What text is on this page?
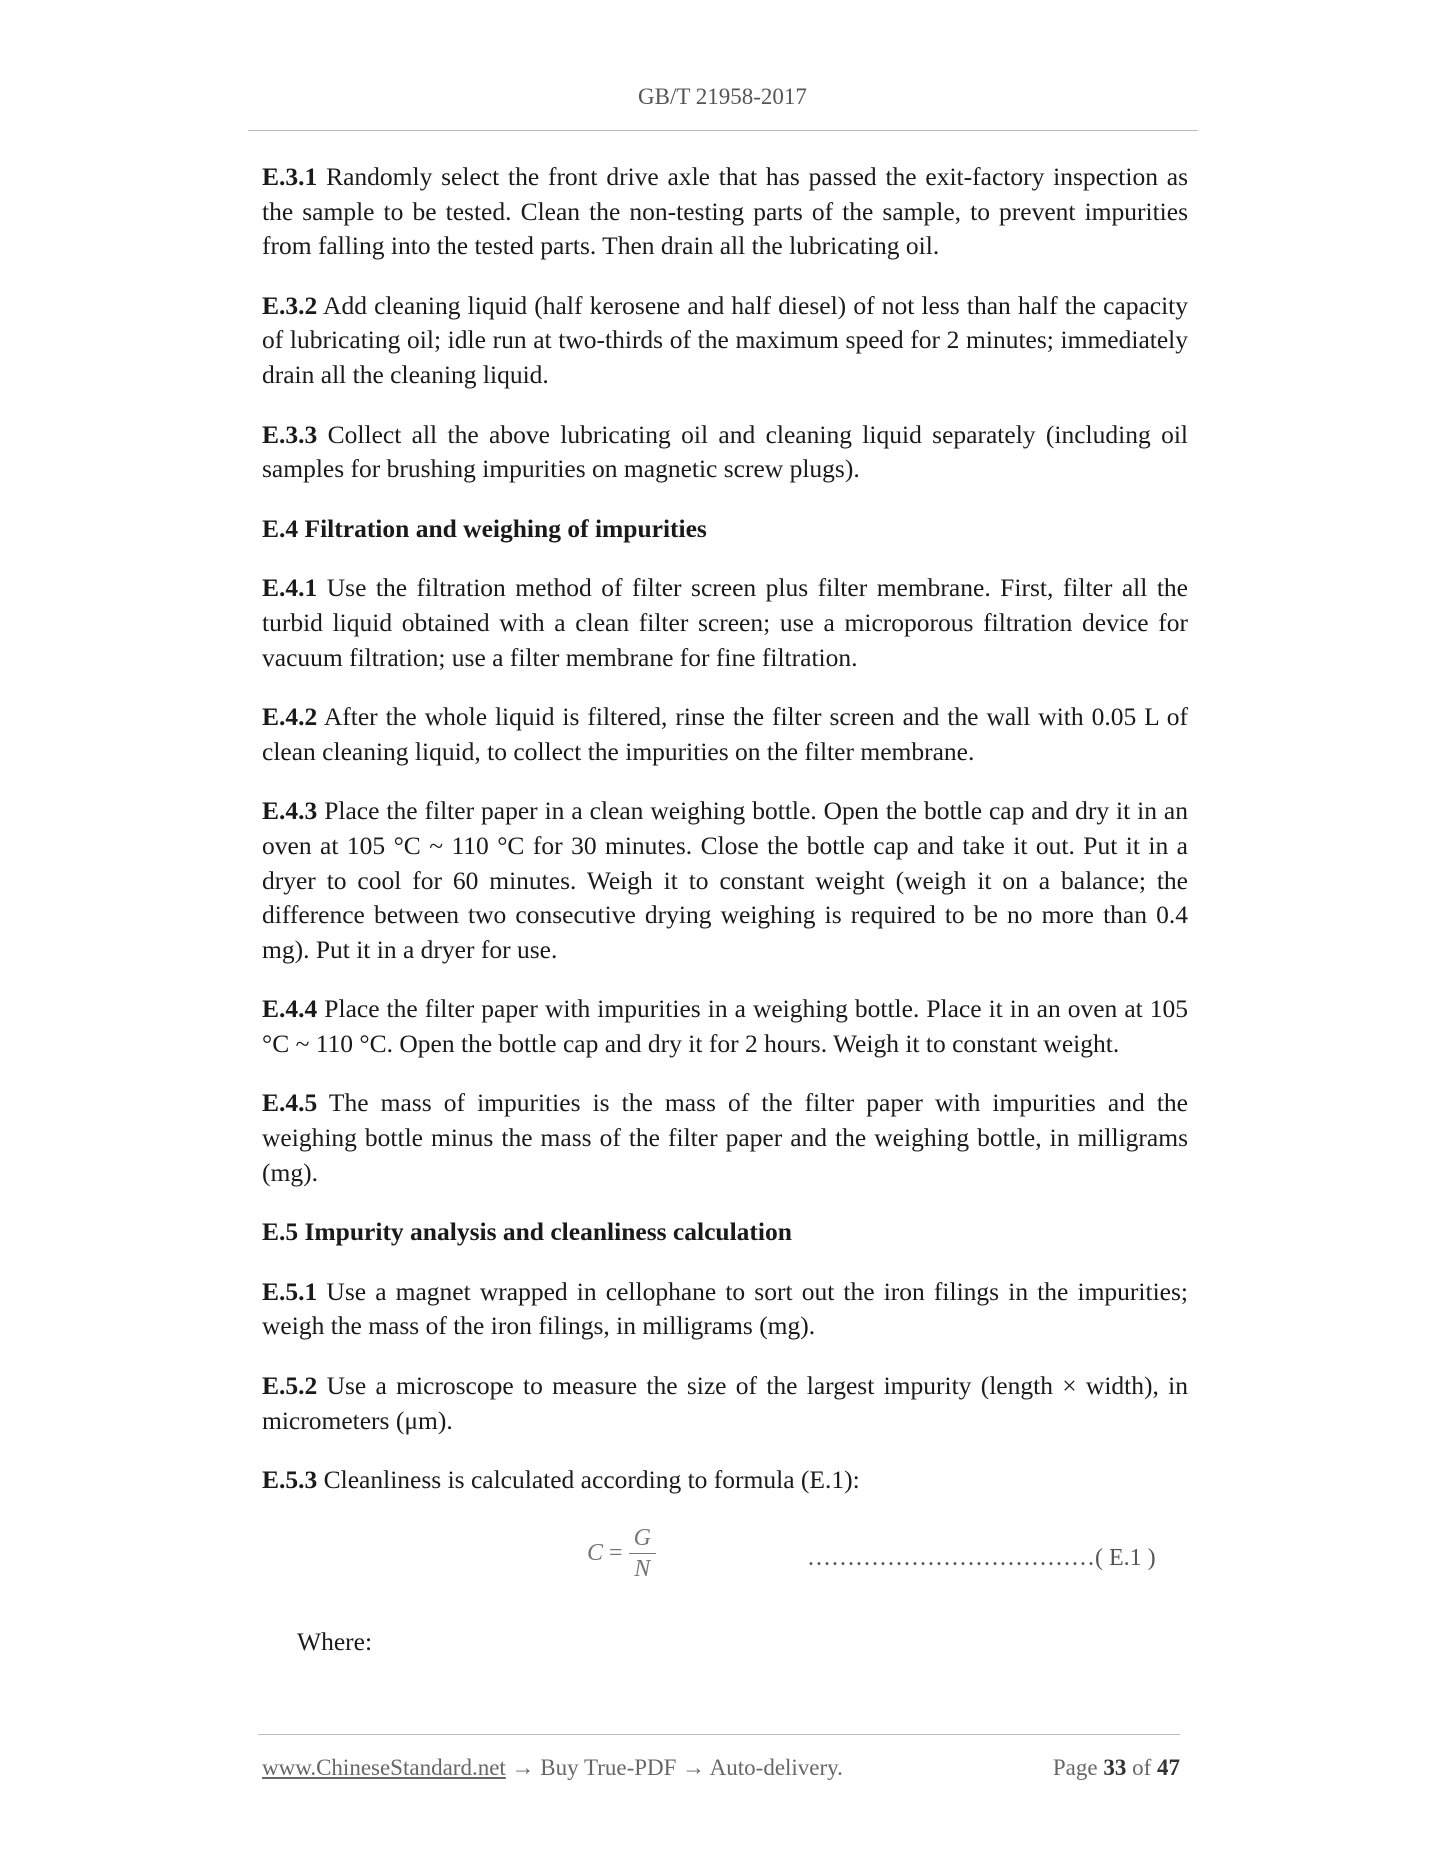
GB/T 21958-2017

E.3.1 Randomly select the front drive axle that has passed the exit-factory inspection as the sample to be tested. Clean the non-testing parts of the sample, to prevent impurities from falling into the tested parts. Then drain all the lubricating oil.

E.3.2 Add cleaning liquid (half kerosene and half diesel) of not less than half the capacity of lubricating oil; idle run at two-thirds of the maximum speed for 2 minutes; immediately drain all the cleaning liquid.

E.3.3 Collect all the above lubricating oil and cleaning liquid separately (including oil samples for brushing impurities on magnetic screw plugs).

E.4 Filtration and weighing of impurities

E.4.1 Use the filtration method of filter screen plus filter membrane. First, filter all the turbid liquid obtained with a clean filter screen; use a microporous filtration device for vacuum filtration; use a filter membrane for fine filtration.

E.4.2 After the whole liquid is filtered, rinse the filter screen and the wall with 0.05 L of clean cleaning liquid, to collect the impurities on the filter membrane.

E.4.3 Place the filter paper in a clean weighing bottle. Open the bottle cap and dry it in an oven at 105 °C ~ 110 °C for 30 minutes. Close the bottle cap and take it out. Put it in a dryer to cool for 60 minutes. Weigh it to constant weight (weigh it on a balance; the difference between two consecutive drying weighing is required to be no more than 0.4 mg). Put it in a dryer for use.

E.4.4 Place the filter paper with impurities in a weighing bottle. Place it in an oven at 105 °C ~ 110 °C. Open the bottle cap and dry it for 2 hours. Weigh it to constant weight.

E.4.5 The mass of impurities is the mass of the filter paper with impurities and the weighing bottle minus the mass of the filter paper and the weighing bottle, in milligrams (mg).

E.5 Impurity analysis and cleanliness calculation

E.5.1 Use a magnet wrapped in cellophane to sort out the iron filings in the impurities; weigh the mass of the iron filings, in milligrams (mg).

E.5.2 Use a microscope to measure the size of the largest impurity (length × width), in micrometers (μm).

E.5.3 Cleanliness is calculated according to formula (E.1):

$C = \frac{G}{N}$	………………………………( E.1 )

Where:

www.ChineseStandard.net → Buy True-PDF → Auto-delivery.	Page 33 of 47
